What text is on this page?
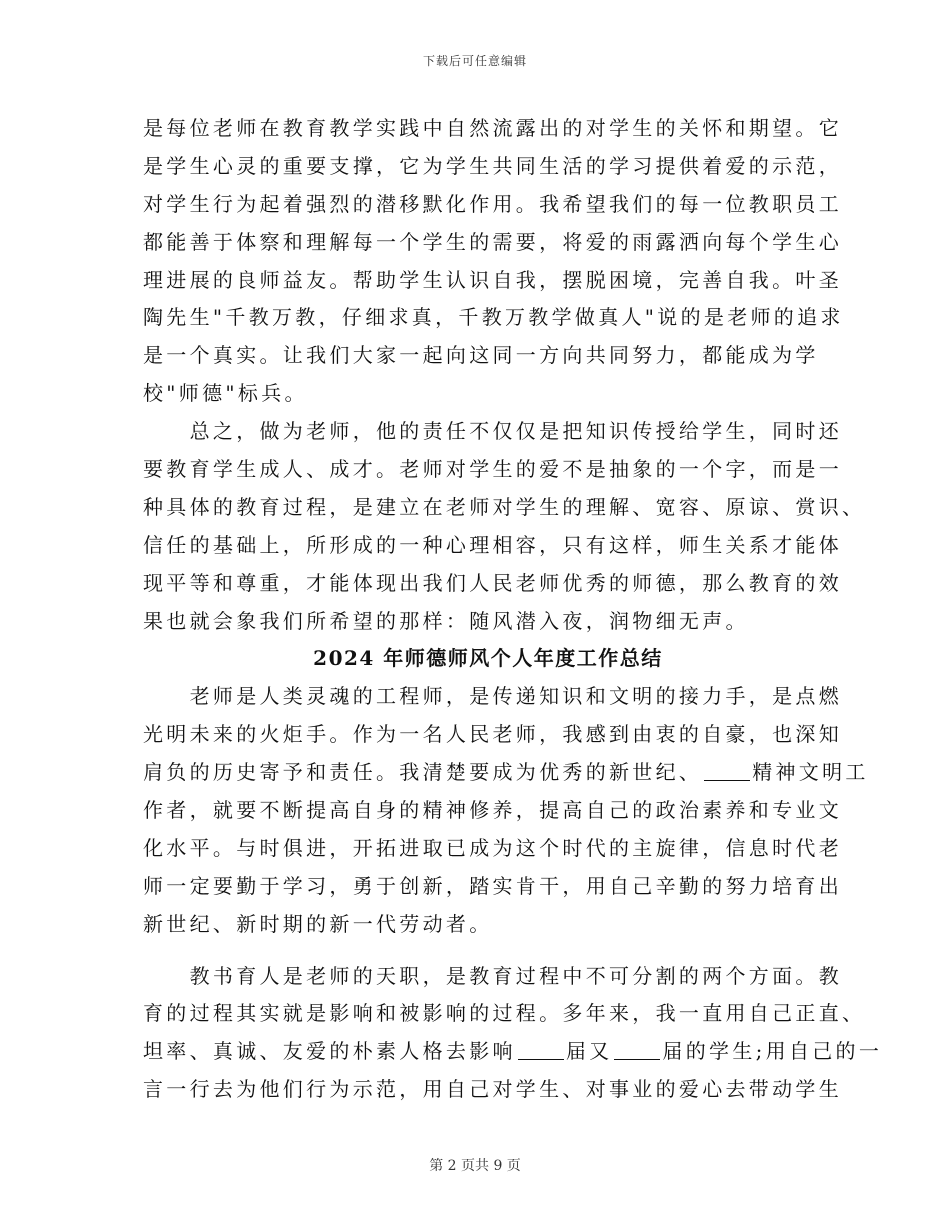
下载后可任意编辑
是每位老师在教育教学实践中自然流露出的对学生的关怀和期望。它
是学生心灵的重要支撑，它为学生共同生活的学习提供着爱的示范，
对学生行为起着强烈的潜移默化作用。我希望我们的每一位教职员工
都能善于体察和理解每一个学生的需要，将爱的雨露洒向每个学生心
理进展的良师益友。帮助学生认识自我，摆脱困境，完善自我。叶圣
陶先生"千教万教，仔细求真，千教万教学做真人"说的是老师的追求
是一个真实。让我们大家一起向这同一方向共同努力，都能成为学
校"师德"标兵。
　　总之，做为老师，他的责任不仅仅是把知识传授给学生，同时还
要教育学生成人、成才。老师对学生的爱不是抽象的一个字，而是一
种具体的教育过程，是建立在老师对学生的理解、宽容、原谅、赏识、
信任的基础上，所形成的一种心理相容，只有这样，师生关系才能体
现平等和尊重，才能体现出我们人民老师优秀的师德，那么教育的效
果也就会象我们所希望的那样：随风潜入夜，润物细无声。
2024 年师德师风个人年度工作总结
　　老师是人类灵魂的工程师，是传递知识和文明的接力手，是点燃
光明未来的火炬手。作为一名人民老师，我感到由衷的自豪，也深知
肩负的历史寄予和责任。我清楚要成为优秀的新世纪、	精神文明工
作者，就要不断提高自身的精神修养，提高自己的政治素养和专业文
化水平。与时俱进，开拓进取已成为这个时代的主旋律，信息时代老
师一定要勤于学习，勇于创新，踏实肯干，用自己辛勤的努力培育出
新世纪、新时期的新一代劳动者。
　　教书育人是老师的天职，是教育过程中不可分割的两个方面。教
育的过程其实就是影响和被影响的过程。多年来，我一直用自己正直、
坦率、真诚、友爱的朴素人格去影响	届又	届的学生;用自己的一
言一行去为他们行为示范，用自己对学生、对事业的爱心去带动学生
第 2 页共 9 页
